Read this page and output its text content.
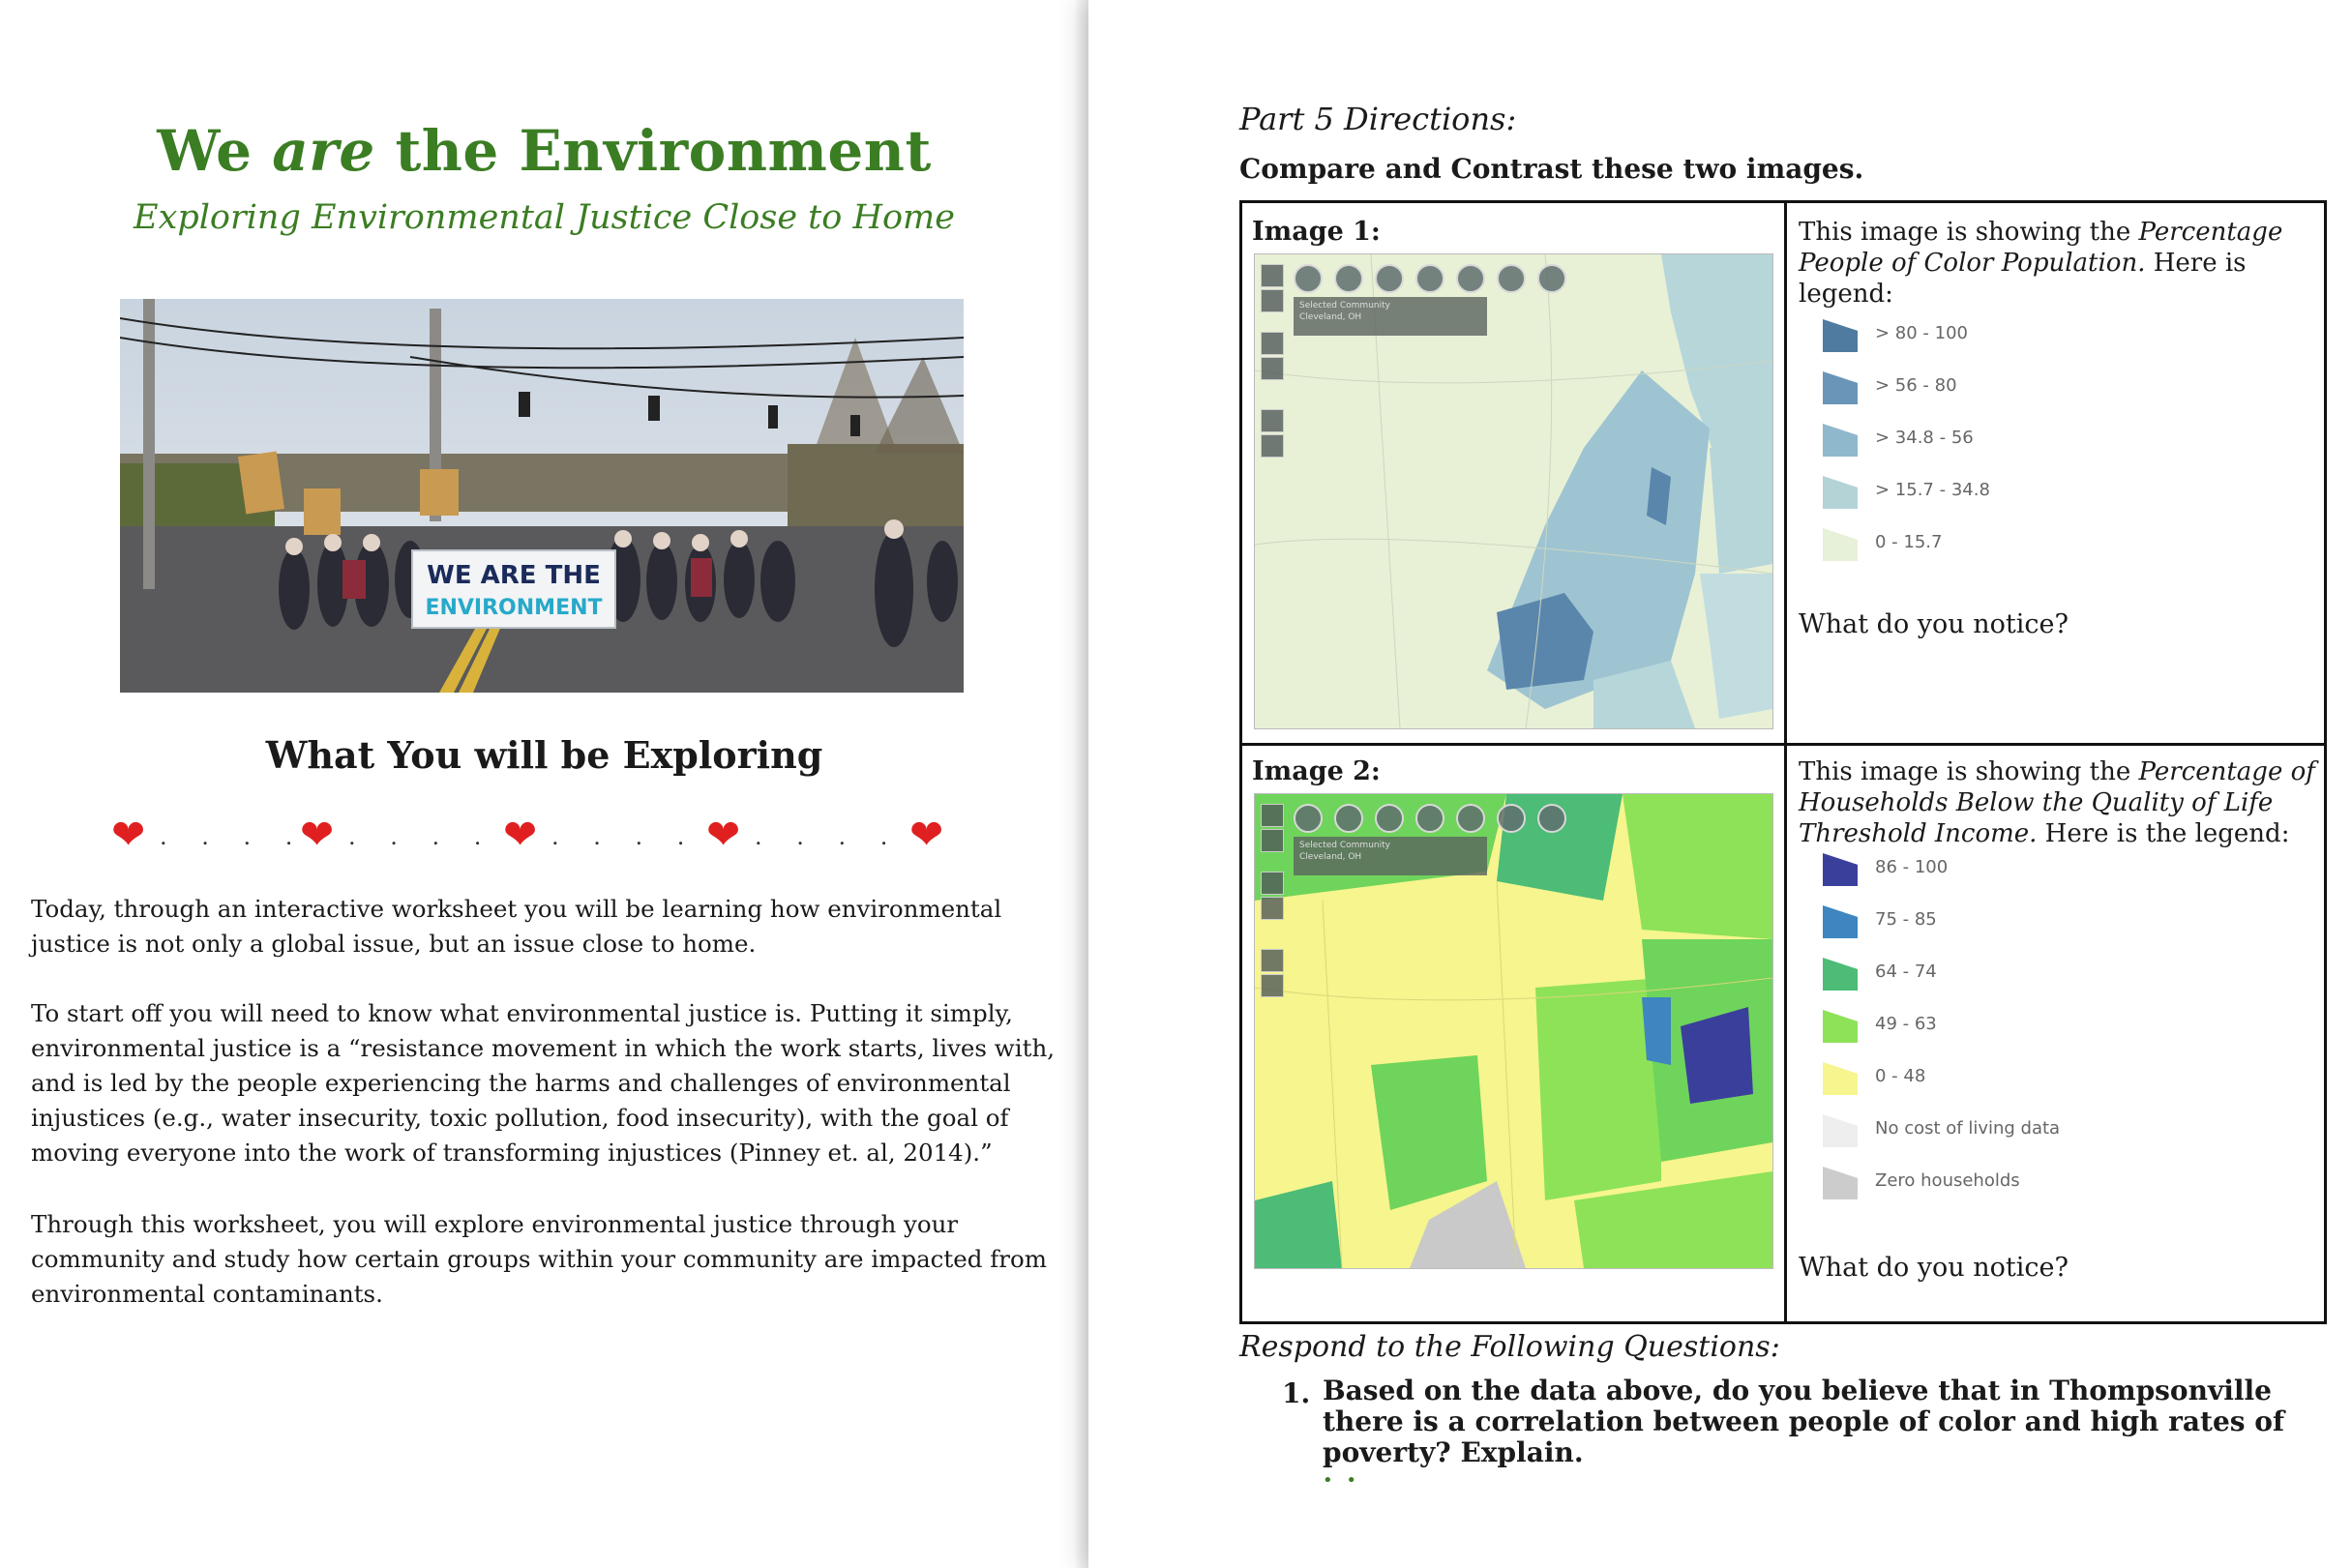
We are the Environment
Exploring Environmental Justice Close to Home
WE ARE THE
ENVIRONMENT
What You will be Exploring
❤ . . . .
❤ . . . . ❤ . . . . ❤ . . . . ❤
Today, through an interactive worksheet you will be learning how environmental justice is not only a global issue, but an issue close to home.
To start off you will need to know what environmental justice is. Putting it simply, environmental justice is a “resistance movement in which the work starts, lives with, and is led by the people experiencing the harms and challenges of environmental injustices (e.g., water insecurity, toxic pollution, food insecurity), with the goal of moving everyone into the work of transforming injustices (Pinney et. al, 2014).”
Through this worksheet, you will explore environmental justice through your community and study how certain groups within your community are impacted from environmental contaminants.
Part 5 Directions:
Compare and Contrast these two images.
Image 1:
Selected Community
Cleveland, OH
This image is showing the Percentage People of Color Population. Here is legend:
> 80 - 100
> 56 - 80
> 34.8 - 56
> 15.7 - 34.8
0 - 15.7
What do you notice?
Image 2:
Selected Community
Cleveland, OH
This image is showing the Percentage of Households Below the Quality of Life Threshold Income. Here is the legend:
86 - 100
75 - 85
64 - 74
49 - 63
0 - 48
No cost of living data
Zero households
What do you notice?
Respond to the Following Questions:
1. Based on the data above, do you believe that in Thompsonville there is a correlation between people of color and high rates of poverty? Explain.
• •
